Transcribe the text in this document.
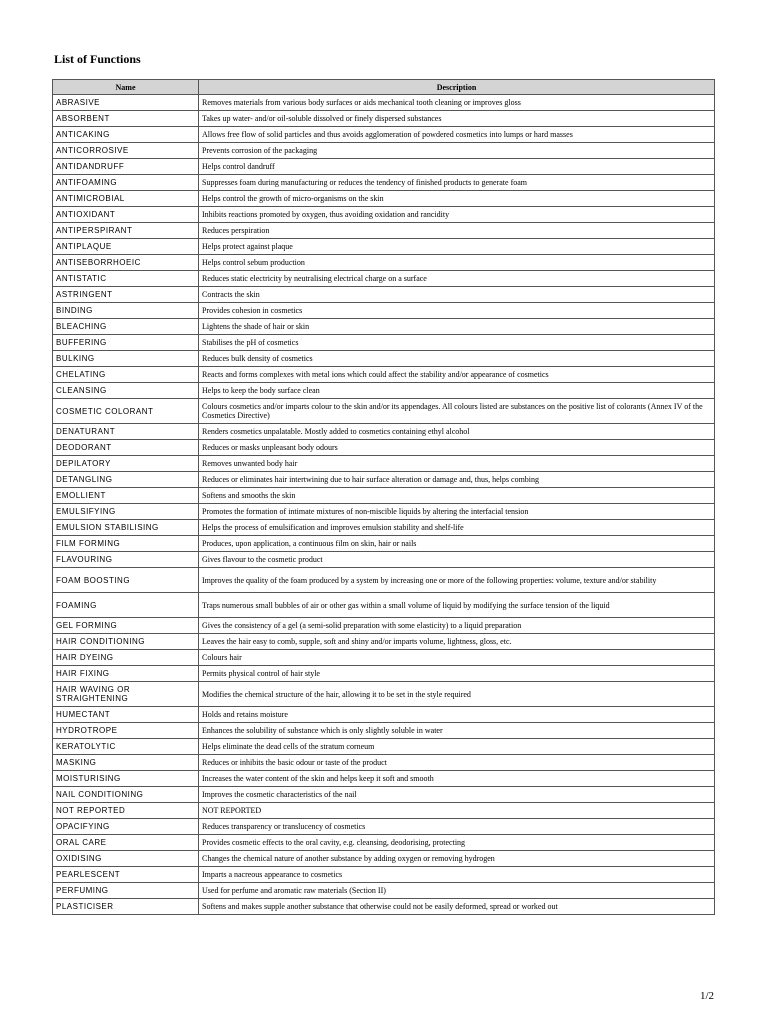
List of Functions
Name	Description
ABRASIVE	Removes materials from various body surfaces or aids mechanical tooth cleaning or improves gloss
ABSORBENT	Takes up water- and/or oil-soluble dissolved or finely dispersed substances
ANTICAKING	Allows free flow of solid particles and thus avoids agglomeration of powdered cosmetics into lumps or hard masses
ANTICORROSIVE	Prevents corrosion of the packaging
ANTIDANDRUFF	Helps control dandruff
ANTIFOAMING	Suppresses foam during manufacturing or reduces the tendency of finished products to generate foam
ANTIMICROBIAL	Helps control the growth of micro-organisms on the skin
ANTIOXIDANT	Inhibits reactions promoted by oxygen, thus avoiding oxidation and rancidity
ANTIPERSPIRANT	Reduces perspiration
ANTIPLAQUE	Helps protect against plaque
ANTISEBORRHOEIC	Helps control sebum production
ANTISTATIC	Reduces static electricity by neutralising electrical charge on a surface
ASTRINGENT	Contracts the skin
BINDING	Provides cohesion in cosmetics
BLEACHING	Lightens the shade of hair or skin
BUFFERING	Stabilises the pH of cosmetics
BULKING	Reduces bulk density of cosmetics
CHELATING	Reacts and forms complexes with metal ions which could affect the stability and/or appearance of cosmetics
CLEANSING	Helps to keep the body surface clean
COSMETIC COLORANT	Colours cosmetics and/or imparts colour to the skin and/or its appendages. All colours listed are substances on the positive list of colorants (Annex IV of the Cosmetics Directive)
DENATURANT	Renders cosmetics unpalatable. Mostly added to cosmetics containing ethyl alcohol
DEODORANT	Reduces or masks unpleasant body odours
DEPILATORY	Removes unwanted body hair
DETANGLING	Reduces or eliminates hair intertwining due to hair surface alteration or damage and, thus, helps combing
EMOLLIENT	Softens and smooths the skin
EMULSIFYING	Promotes the formation of intimate mixtures of non-miscible liquids by altering the interfacial tension
EMULSION STABILISING	Helps the process of emulsification and improves emulsion stability and shelf-life
FILM FORMING	Produces, upon application, a continuous film on skin, hair or nails
FLAVOURING	Gives flavour to the cosmetic product
FOAM BOOSTING	Improves the quality of the foam produced by a system by increasing one or more of the following properties: volume, texture and/or stability
FOAMING	Traps numerous small bubbles of air or other gas within a small volume of liquid by modifying the surface tension of the liquid
GEL FORMING	Gives the consistency of a gel (a semi-solid preparation with some elasticity) to a liquid preparation
HAIR CONDITIONING	Leaves the hair easy to comb, supple, soft and shiny and/or imparts volume, lightness, gloss, etc.
HAIR DYEING	Colours hair
HAIR FIXING	Permits physical control of hair style
HAIR WAVING OR STRAIGHTENING	Modifies the chemical structure of the hair, allowing it to be set in the style required
HUMECTANT	Holds and retains moisture
HYDROTROPE	Enhances the solubility of substance which is only slightly soluble in water
KERATOLYTIC	Helps eliminate the dead cells of the stratum corneum
MASKING	Reduces or inhibits the basic odour or taste of the product
MOISTURISING	Increases the water content of the skin and helps keep it soft and smooth
NAIL CONDITIONING	Improves the cosmetic characteristics of the nail
NOT REPORTED	NOT REPORTED
OPACIFYING	Reduces transparency or translucency of cosmetics
ORAL CARE	Provides cosmetic effects to the oral cavity, e.g. cleansing, deodorising, protecting
OXIDISING	Changes the chemical nature of another substance by adding oxygen or removing hydrogen
PEARLESCENT	Imparts a nacreous appearance to cosmetics
PERFUMING	Used for perfume and aromatic raw materials (Section II)
PLASTICISER	Softens and makes supple another substance that otherwise could not be easily deformed, spread or worked out
1/2
